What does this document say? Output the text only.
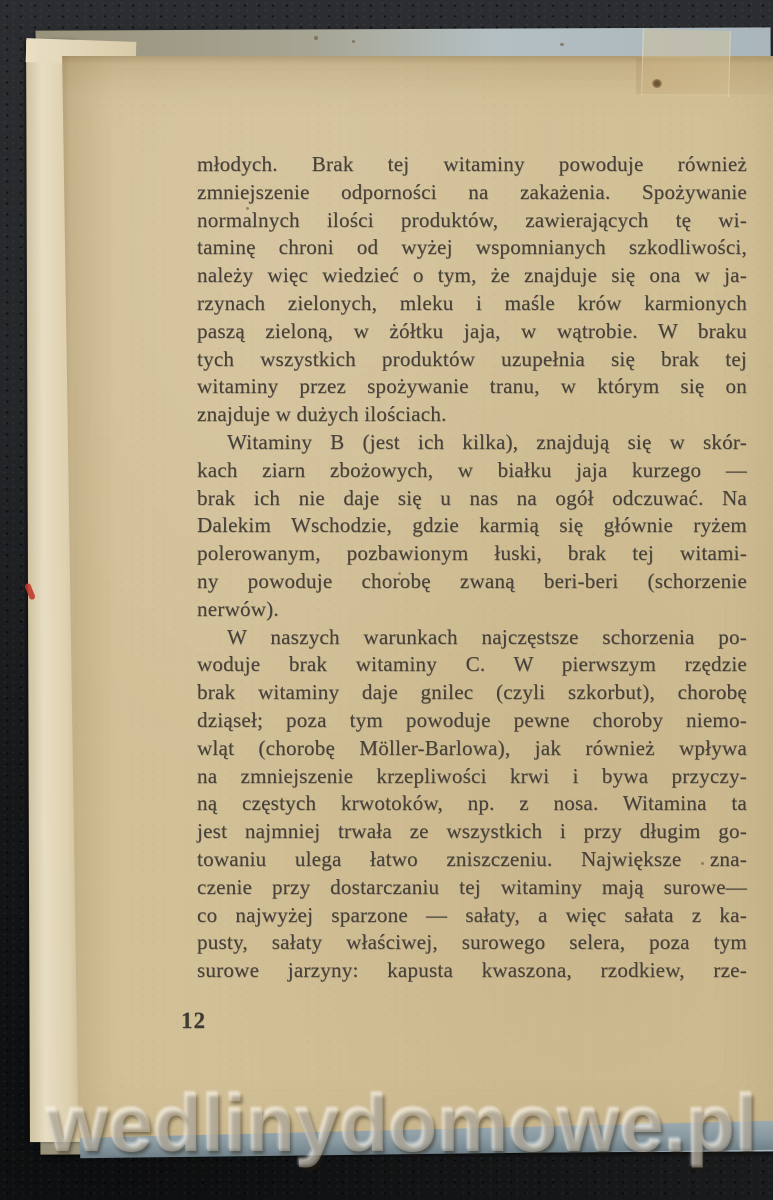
młodych. Brak tej witaminy powoduje również
zmniejszenie odporności na zakażenia. Spożywanie
normalnych ilości produktów, zawierających tę wi-
taminę chroni od wyżej wspomnianych szkodliwości,
należy więc wiedzieć o tym, że znajduje się ona w ja-
rzynach zielonych, mleku i maśle krów karmionych
paszą zieloną, w żółtku jaja, w wątrobie. W braku
tych wszystkich produktów uzupełnia się brak tej
witaminy przez spożywanie tranu, w którym się on
znajduje w dużych ilościach.
Witaminy B (jest ich kilka), znajdują się w skór-
kach ziarn zbożowych, w białku jaja kurzego —
brak ich nie daje się u nas na ogół odczuwać. Na
Dalekim Wschodzie, gdzie karmią się głównie ryżem
polerowanym, pozbawionym łuski, brak tej witami-
ny powoduje chorobę zwaną beri-beri (schorzenie
nerwów).
W naszych warunkach najczęstsze schorzenia po-
woduje brak witaminy C. W pierwszym rzędzie
brak witaminy daje gnilec (czyli szkorbut), chorobę
dziąseł; poza tym powoduje pewne choroby niemo-
wląt (chorobę Möller-Barlowa), jak również wpływa
na zmniejszenie krzepliwości krwi i bywa przyczy-
ną częstych krwotoków, np. z nosa. Witamina ta
jest najmniej trwała ze wszystkich i przy długim go-
towaniu ulega łatwo zniszczeniu. Największe zna-
czenie przy dostarczaniu tej witaminy mają surowe—
co najwyżej sparzone — sałaty, a więc sałata z ka-
pusty, sałaty właściwej, surowego selera, poza tym
surowe jarzyny: kapusta kwaszona, rzodkiew, rze-
12
wedlinydomowe.pl
